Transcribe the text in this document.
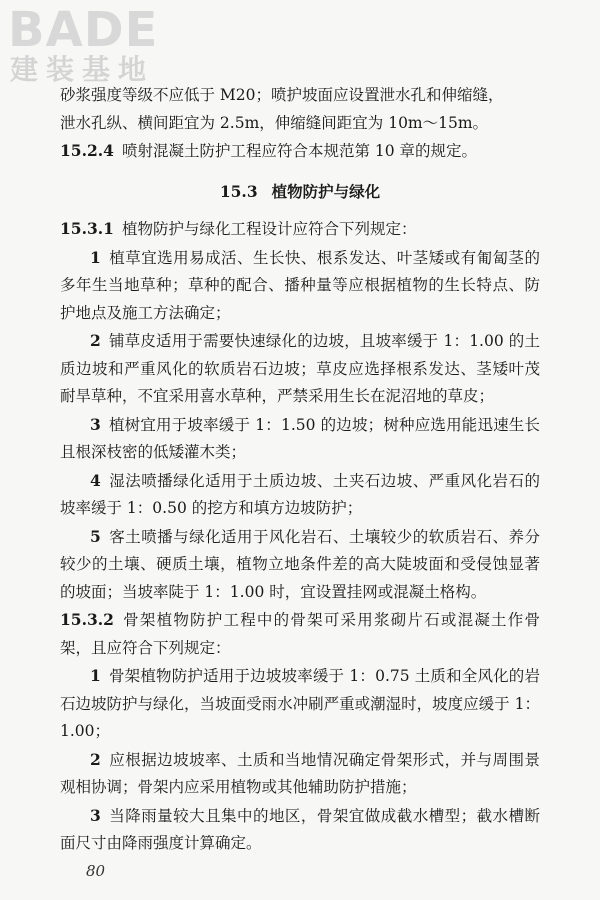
BADE
建装基地

砂浆强度等级不应低于 M20；喷护坡面应设置泄水孔和伸缩缝，

泄水孔纵、横间距宜为 2.5m，伸缩缝间距宜为 10m～15m。

15.2.4 喷射混凝土防护工程应符合本规范第 10 章的规定。

15.3 植物防护与绿化

15.3.1 植物防护与绿化工程设计应符合下列规定：

1 植草宜选用易成活、生长快、根系发达、叶茎矮或有匍匐茎的多年生当地草种；草种的配合、播种量等应根据植物的生长特点、防护地点及施工方法确定；

2 铺草皮适用于需要快速绿化的边坡，且坡率缓于 1：1.00 的土质边坡和严重风化的软质岩石边坡；草皮应选择根系发达、茎矮叶茂耐旱草种，不宜采用喜水草种，严禁采用生长在泥沼地的草皮；

3 植树宜用于坡率缓于 1：1.50 的边坡；树种应选用能迅速生长且根深枝密的低矮灌木类；

4 湿法喷播绿化适用于土质边坡、土夹石边坡、严重风化岩石的坡率缓于 1：0.50 的挖方和填方边坡防护；

5 客土喷播与绿化适用于风化岩石、土壤较少的软质岩石、养分较少的土壤、硬质土壤，植物立地条件差的高大陡坡面和受侵蚀显著的坡面；当坡率陡于 1：1.00 时，宜设置挂网或混凝土格构。

15.3.2 骨架植物防护工程中的骨架可采用浆砌片石或混凝土作骨架，且应符合下列规定：

1 骨架植物防护适用于边坡坡率缓于 1：0.75 土质和全风化的岩石边坡防护与绿化，当坡面受雨水冲刷严重或潮湿时，坡度应缓于 1：1.00；

2 应根据边坡坡率、土质和当地情况确定骨架形式，并与周围景观相协调；骨架内应采用植物或其他辅助防护措施；

3 当降雨量较大且集中的地区，骨架宜做成截水槽型；截水槽断面尺寸由降雨强度计算确定。

80
